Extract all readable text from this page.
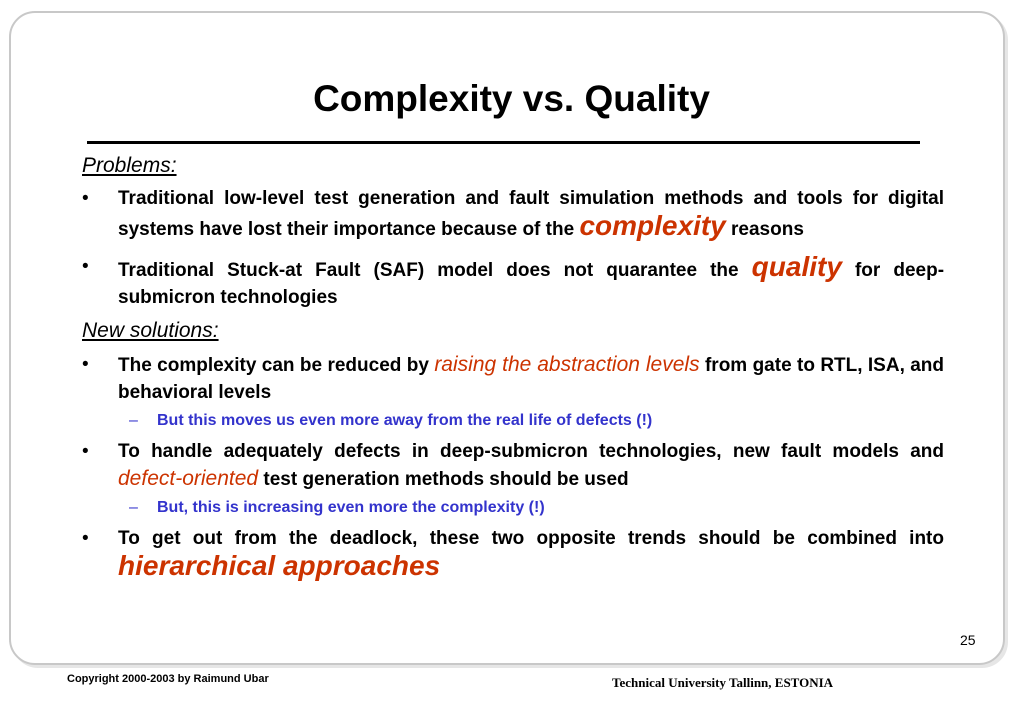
Complexity vs. Quality

Problems:

•	Traditional low-level test generation and fault simulation methods and tools for digital systems have lost their importance because of the complexity reasons
•	Traditional Stuck-at Fault (SAF) model does not quarantee the quality for deep-submicron technologies

New solutions:

•	The complexity can be reduced by raising the abstraction levels from gate to RTL, ISA, and behavioral levels
– But this moves us even more away from the real life of defects (!)
•	To handle adequately defects in deep-submicron technologies, new fault models and defect-oriented test generation methods should be used
– But, this is increasing even more the complexity (!)
•	To get out from the deadlock, these two opposite trends should be combined into hierarchical approaches
25
Copyright 2000-2003 by Raimund Ubar	Technical University Tallinn, ESTONIA
